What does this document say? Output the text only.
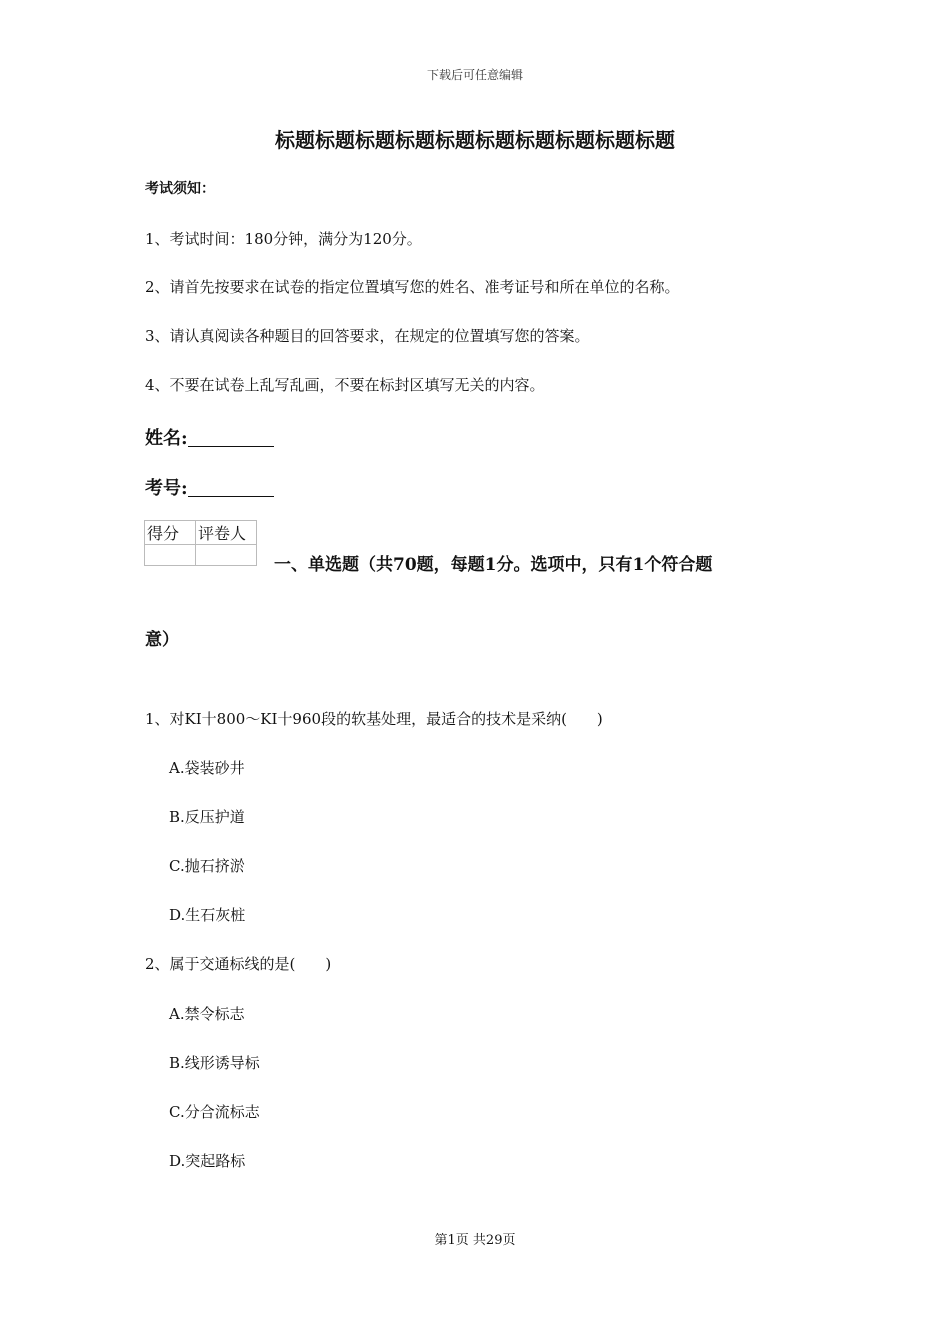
下载后可任意编辑
标题标题标题标题标题标题标题标题标题标题
考试须知：
1、考试时间：180分钟，满分为120分。
2、请首先按要求在试卷的指定位置填写您的姓名、准考证号和所在单位的名称。
3、请认真阅读各种题目的回答要求，在规定的位置填写您的答案。
4、不要在试卷上乱写乱画，不要在标封区填写无关的内容。
姓名:
考号:
得分	评卷人

一、单选题（共70题，每题1分。选项中，只有1个符合题
意）
1、对KI十800～KI十960段的软基处理，最适合的技术是采纳(　　)
A.袋装砂井
B.反压护道
C.抛石挤淤
D.生石灰桩
2、属于交通标线的是(　　)
A.禁令标志
B.线形诱导标
C.分合流标志
D.突起路标
第1页 共29页
